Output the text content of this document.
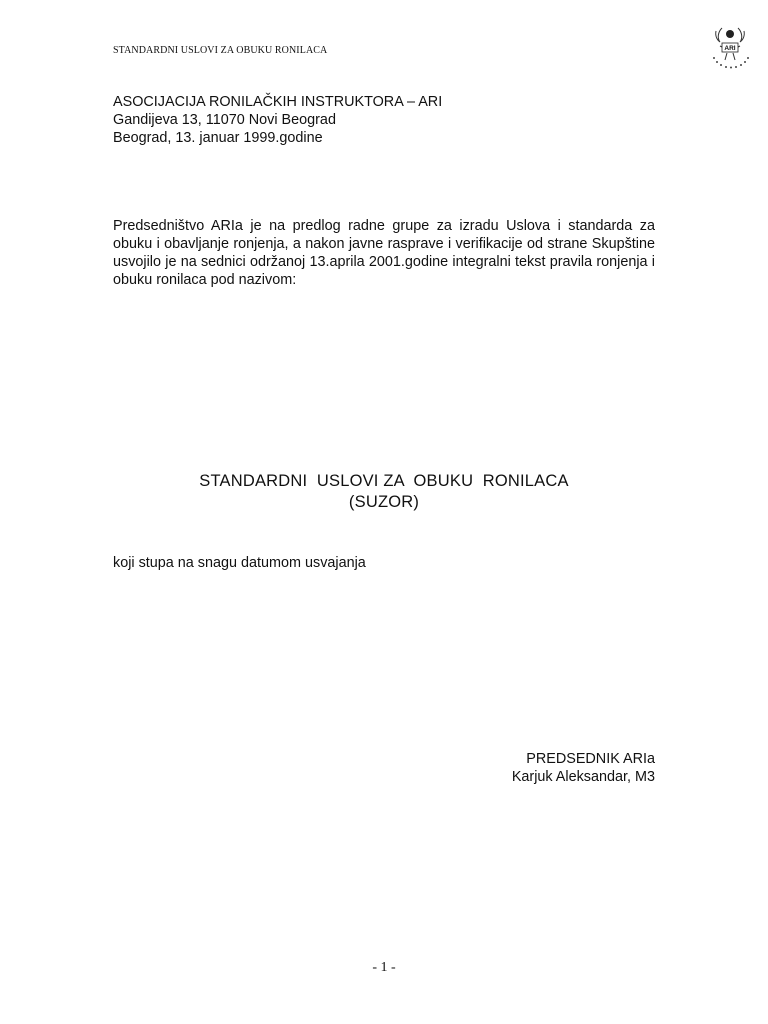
STANDARDNI USLOVI ZA OBUKU RONILACA	ARI
ASOCIJACIJA RONILAČKIH INSTRUKTORA – ARI
Gandijeva 13, 11070 Novi Beograd
Beograd, 13. januar 1999.godine

Predsedništvo ARIa je na predlog radne grupe za izradu Uslova i standarda za obuku i obavljanje ronjenja, a nakon javne rasprave i verifikacije od strane Skupštine usvojilo je na sednici održanoj 13.aprila 2001.godine integralni tekst pravila ronjenja i obuku ronilaca pod nazivom:

STANDARDNI  USLOVI ZA  OBUKU  RONILACA
(SUZOR)
koji stupa na snagu datumom usvajanja
PREDSEDNIK ARIa
Karjuk Aleksandar, M3
- 1 -
